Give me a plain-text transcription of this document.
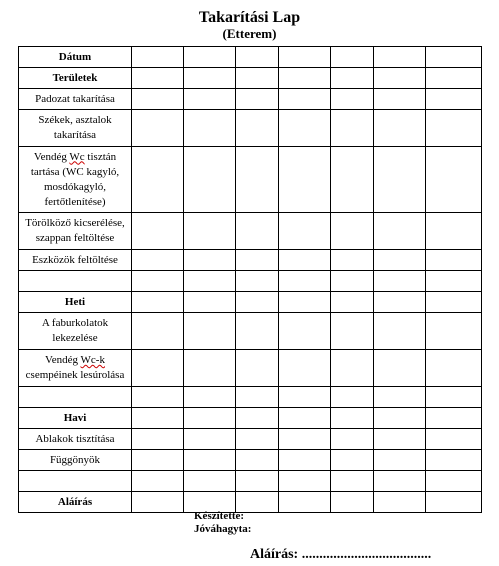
Takarítási Lap
(Etterem)
Dátum							
Területek							
Padozat takarítása							

Székek, asztalok
takarítása							

Vendég Wc tisztán
tartása (WC kagyló,
mosdókagyló,
fertőtlenítése)							

Törölköző kicserélése,
szappan feltöltése							

Eszközök feltöltése							

Heti							

A faburkolatok
lekezelése							

Vendég Wc-k
csempéinek lesúrolása							

Havi							
Ablakok tisztítása							
Függönyök							

Aláírás							
Készítette:
Jóváhagyta:
Aláírás: .....................................
